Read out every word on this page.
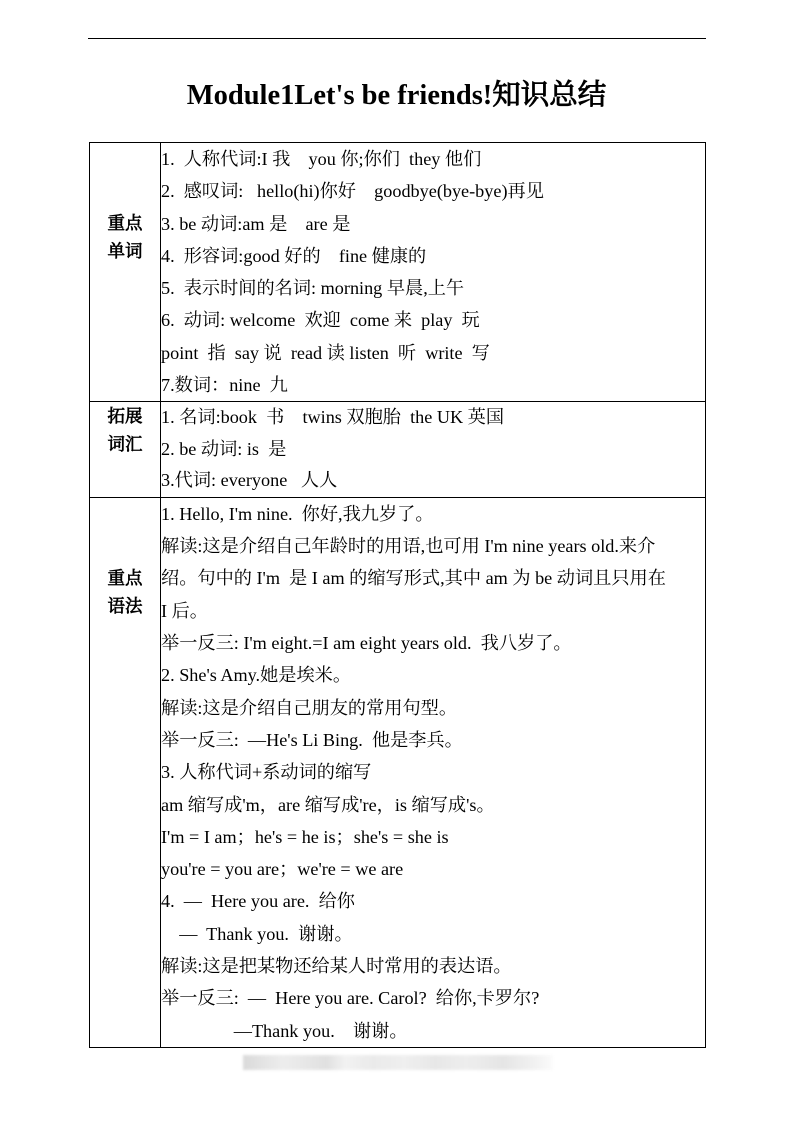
Module1Let's be friends!知识总结
重点
单词

1.  人称代词:I 我    you 你;你们  they 他们
2.  感叹词:   hello(hi)你好    goodbye(bye-bye)再见
3. be 动词:am 是    are 是
4.  形容词:good 好的    fine 健康的
5.  表示时间的名词: morning 早晨,上午
6.  动词: welcome  欢迎  come 来  play  玩
point  指  say 说  read 读 listen  听  write  写
7.数词：nine  九

拓展
词汇

1. 名词:book  书    twins 双胞胎  the UK 英国
2. be 动词: is  是
3.代词: everyone   人人

重点
语法

1. Hello, I'm nine.  你好,我九岁了。
解读:这是介绍自己年龄时的用语,也可用 I'm nine years old.来介
绍。句中的 I'm  是 I am 的缩写形式,其中 am 为 be 动词且只用在
I 后。
举一反三: I'm eight.=I am eight years old.  我八岁了。
2. She's Amy.她是埃米。
解读:这是介绍自己朋友的常用句型。
举一反三:  —He's Li Bing.  他是李兵。
3. 人称代词+系动词的缩写
am 缩写成'm，are 缩写成're，is 缩写成's。
I'm = I am；he's = he is；she's = she is
you're = you are；we're = we are
4.  —  Here you are.  给你
—  Thank you.  谢谢。
解读:这是把某物还给某人时常用的表达语。
举一反三:  —  Here you are. Carol?  给你,卡罗尔?
—Thank you.    谢谢。
